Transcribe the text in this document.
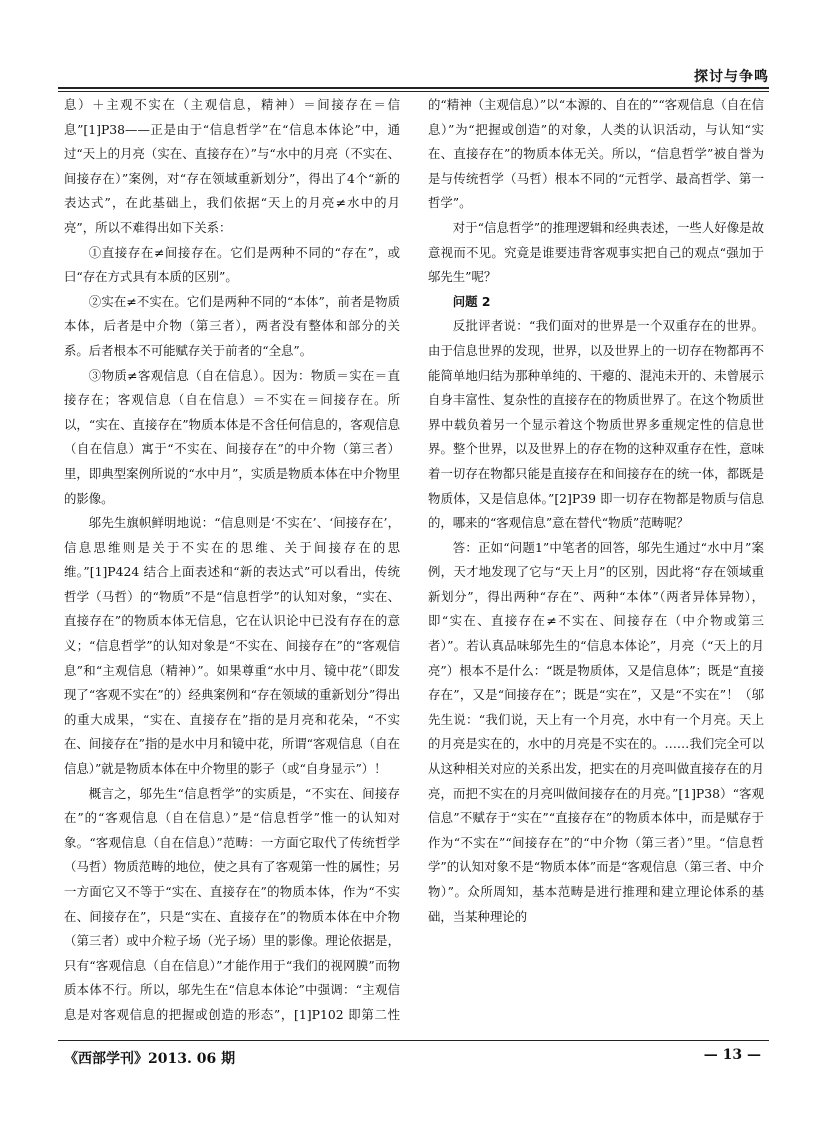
探讨与争鸣

息）＋主观不实在（主观信息，精神）＝间接存在＝信息”[1]P38——正是由于“信息哲学”在“信息本体论”中，通过“天上的月亮（实在、直接存在）”与“水中的月亮（不实在、间接存在）”案例，对“存在领域重新划分”，得出了4个“新的表达式”，在此基础上，我们依据“天上的月亮≠水中的月亮”，所以不难得出如下关系：

①直接存在≠间接存在。它们是两种不同的“存在”，或曰“存在方式具有本质的区别”。

②实在≠不实在。它们是两种不同的“本体”，前者是物质本体，后者是中介物（第三者），两者没有整体和部分的关系。后者根本不可能赋存关于前者的“全息”。

③物质≠客观信息（自在信息）。因为：物质＝实在＝直接存在；客观信息（自在信息）＝不实在＝间接存在。所以，“实在、直接存在”物质本体是不含任何信息的，客观信息（自在信息）寓于“不实在、间接存在”的中介物（第三者）里，即典型案例所说的“水中月”，实质是物质本体在中介物里的影像。

邬先生旗帜鲜明地说：“信息则是‘不实在’、‘间接存在’，信息思维则是关于不实在的思维、关于间接存在的思维。”[1]P424 结合上面表述和“新的表达式”可以看出，传统哲学（马哲）的“物质”不是“信息哲学”的认知对象，“实在、直接存在”的物质本体无信息，它在认识论中已没有存在的意义；“信息哲学”的认知对象是“不实在、间接存在”的“客观信息”和“主观信息（精神）”。如果尊重“水中月、镜中花”（即发现了“客观不实在”的）经典案例和“存在领域的重新划分”得出的重大成果，“实在、直接存在”指的是月亮和花朵，“不实在、间接存在”指的是水中月和镜中花，所谓“客观信息（自在信息）”就是物质本体在中介物里的影子（或“自身显示”）！

概言之，邬先生“信息哲学”的实质是，“不实在、间接存在”的“客观信息（自在信息）”是“信息哲学”惟一的认知对象。“客观信息（自在信息）”范畴：一方面它取代了传统哲学（马哲）物质范畴的地位，使之具有了客观第一性的属性；另一方面它又不等于“实在、直接存在”的物质本体，作为“不实在、间接存在”，只是“实在、直接存在”的物质本体在中介物（第三者）或中介粒子场（光子场）里的影像。理论依据是，只有“客观信息（自在信息）”才能作用于“我们的视网膜”而物质本体不行。所以，邬先生在“信息本体论”中强调：“主观信息是对客观信息的把握或创造的形态”，[1]P102 即第二性的“精神（主观信息）”以“本源的、自在的”“客观信息（自在信息）”为“把握或创造”的对象，人类的认识活动，与认知“实在、直接存在”的物质本体无关。所以，“信息哲学”被自誉为是与传统哲学（马哲）根本不同的“元哲学、最高哲学、第一哲学”。

对于“信息哲学”的推理逻辑和经典表述，一些人好像是故意视而不见。究竟是谁要违背客观事实把自己的观点“强加于邬先生”呢？

问题 2

反批评者说：“我们面对的世界是一个双重存在的世界。由于信息世界的发现，世界，以及世界上的一切存在物都再不能简单地归结为那种单纯的、干瘪的、混沌未开的、未曾展示自身丰富性、复杂性的直接存在的物质世界了。在这个物质世界中载负着另一个显示着这个物质世界多重规定性的信息世界。整个世界，以及世界上的存在物的这种双重存在性，意味着一切存在物都只能是直接存在和间接存在的统一体，都既是物质体，又是信息体。”[2]P39 即一切存在物都是物质与信息的，哪来的“客观信息”意在替代“物质”范畴呢？

答：正如“问题1”中笔者的回答，邬先生通过“水中月”案例，天才地发现了它与“天上月”的区别，因此将“存在领域重新划分”，得出两种“存在”、两种“本体”（两者异体异物），即“实在、直接存在≠不实在、间接存在（中介物或第三者）”。若认真品味邬先生的“信息本体论”，月亮（“天上的月亮”）根本不是什么：“既是物质体，又是信息体”；既是“直接存在”，又是“间接存在”；既是“实在”，又是“不实在”！（邬先生说：“我们说，天上有一个月亮，水中有一个月亮。天上的月亮是实在的，水中的月亮是不实在的。……我们完全可以从这种相关对应的关系出发，把实在的月亮叫做直接存在的月亮，而把不实在的月亮叫做间接存在的月亮。”[1]P38）“客观信息”不赋存于“实在”“直接存在”的物质本体中，而是赋存于作为“不实在”“间接存在”的“中介物（第三者）”里。“信息哲学”的认知对象不是“物质本体”而是“客观信息（第三者、中介物）”。众所周知，基本范畴是进行推理和建立理论体系的基础，当某种理论的

《西部学刊》2013. 06 期	— 13 —
